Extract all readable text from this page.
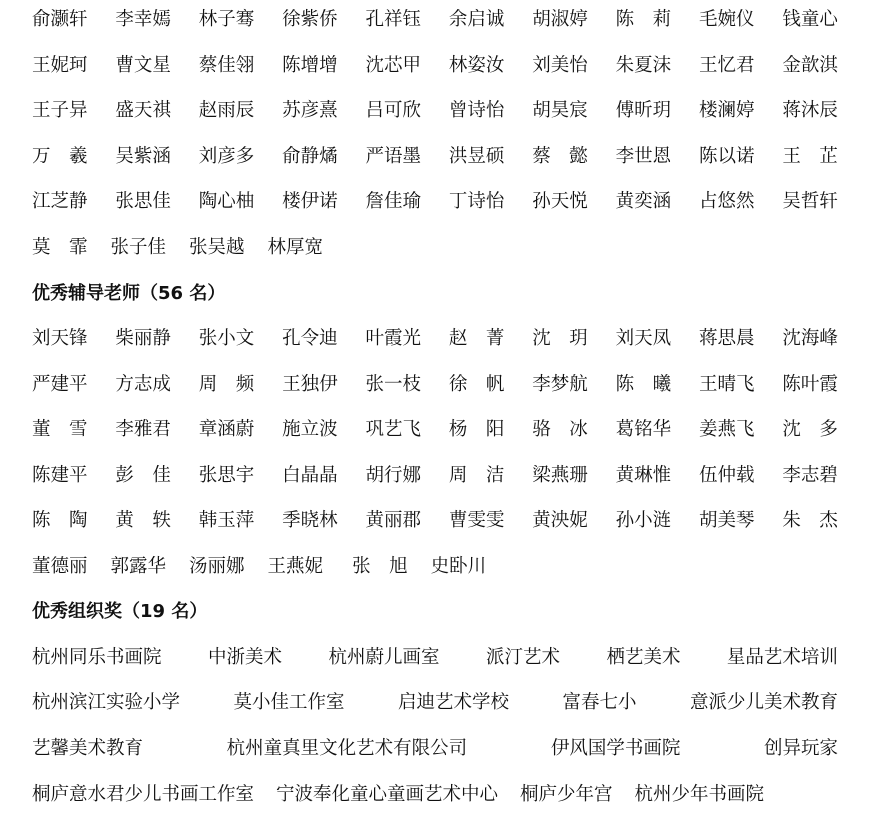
俞灏轩 李幸嫣 林子骞 徐紫侨 孔祥钰 余启诚 胡淑婷 陈　莉 毛婉仪 钱童心
王妮珂 曹文星 蔡佳翎 陈增增 沈芯甲 林姿汝 刘美怡 朱夏沫 王忆君 金歆淇
王子异 盛天祺 赵雨辰 苏彦熹 吕可欣 曾诗怡 胡昊宸 傅昕玥 楼澜婷 蒋沐辰
万　羲 吴紫涵 刘彦多 俞静燏 严语墨 洪昱硕 蔡　懿 李世恩 陈以诺 王　芷
江芝静 张思佳 陶心柚 楼伊诺 詹佳瑜 丁诗怡 孙天悦 黄奕涵 占悠然 吴哲轩
莫　霏 张子佳 张吴越 林厚宽
优秀辅导老师（56 名）
刘天锋 柴丽静 张小文 孔令迪 叶霞光 赵　菁 沈　玥 刘天凤 蒋思晨 沈海峰
严建平 方志成 周　频 王独伊 张一枝 徐　帆 李梦航 陈　曦 王晴飞 陈叶霞
董　雪 李雅君 章涵蔚 施立波 巩艺飞 杨　阳 骆　冰 葛铭华 姜燕飞 沈　多
陈建平 彭　佳 张思宇 白晶晶 胡行娜 周　洁 梁燕珊 黄琳惟 伍仲载 李志碧
陈　陶 黄　轶 韩玉萍 季晓林 黄丽郡 曹雯雯 黄泱妮 孙小涟 胡美琴 朱　杰
董德丽 郭露华 汤丽娜 王燕妮 张　旭 史卧川
优秀组织奖（19 名）
杭州同乐书画院	中浙美术	杭州蔚儿画室	派汀艺术	栖艺美术	星品艺术培训
杭州滨江实验小学	莫小佳工作室	启迪艺术学校	富春七小	意派少儿美术教育
艺馨美术教育	杭州童真里文化艺术有限公司	伊风国学书画院	创异玩家
桐庐意水君少儿书画工作室 宁波奉化童心童画艺术中心 桐庐少年宫 杭州少年书画院
